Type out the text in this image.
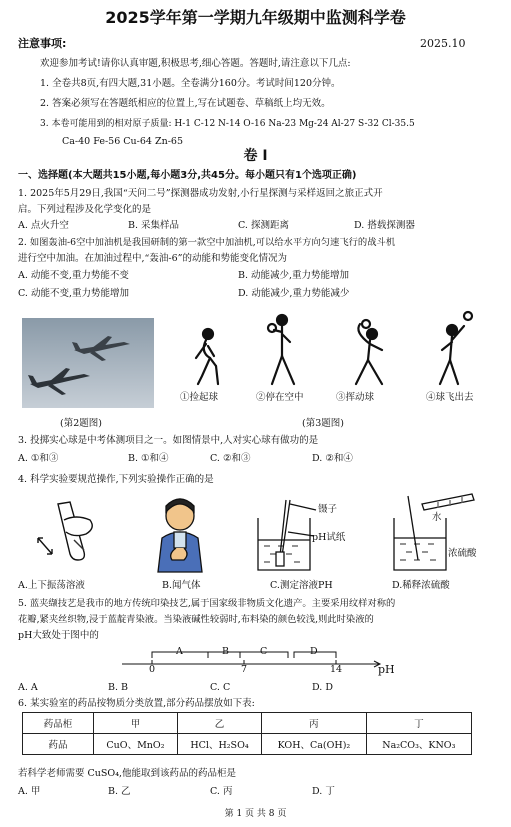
2025学年第一学期九年级期中监测科学卷
注意事项:	2025.10
欢迎参加考试!请你认真审题,积极思考,细心答题。答题时,请注意以下几点:
1. 全卷共8页,有四大题,31小题。全卷满分160分。考试时间120分钟。
2. 答案必须写在答题纸相应的位置上,写在试题卷、草稿纸上均无效。
3. 本卷可能用到的相对原子质量: H-1 C-12 N-14 O-16 Na-23 Mg-24 Al-27 S-32 Cl-35.5
Ca-40 Fe-56 Cu-64 Zn-65
卷 I
一、选择题(本大题共15小题,每小题3分,共45分。每小题只有1个选项正确)
1. 2025年5月29日,我国“天问二号”探测器成功发射,小行星探测与采样返回之旅正式开
启。下列过程涉及化学变化的是
A. 点火升空	B. 采集样品	C. 探测距离	D. 搭载探测器
2. 如图轰油-6空中加油机是我国研制的第一款空中加油机,可以给水平方向匀速飞行的战斗机
进行空中加油。在加油过程中,“轰油-6”的动能和势能变化情况为
A. 动能不变,重力势能不变	B. 动能减少,重力势能增加
C. 动能不变,重力势能增加	D. 动能减少,重力势能减少
①捡起球	②停在空中	③挥动球	④球飞出去
(第2题图)	(第3题图)
3. 投掷实心球是中考体测项目之一。如图情景中,人对实心球有做功的是
A. ①和③	B. ①和④	C. ②和③	D. ②和④
4. 科学实验要规范操作,下列实验操作正确的是
镊子
pH试纸
水
浓硫酸
A.上下振荡溶液	B.闻气体	C.测定溶液PH	D.稀释浓硫酸
5. 蓝夹缬技艺是我市的地方传统印染技艺,属于国家级非物质文化遗产。主要采用纹样对称的
花瓣,紧夹丝织物,浸于蓝靛青染液。当染液碱性较弱时,布料染的颜色较浅,则此时染液的
pH大致处于图中的
A	B	C	D
0	7	14	pH
A. A	B. B	C. C	D. D
6. 某实验室的药品按物质分类放置,部分药品摆放如下表:
药品柜	甲	乙	丙	丁
药品	CuO、MnO₂	HCl、H₂SO₄	KOH、Ca(OH)₂	Na₂CO₃、KNO₃
若科学老师需要 CuSO₄,他能取到该药品的药品柜是
A. 甲	B. 乙	C. 丙	D. 丁
第 1 页 共 8 页
